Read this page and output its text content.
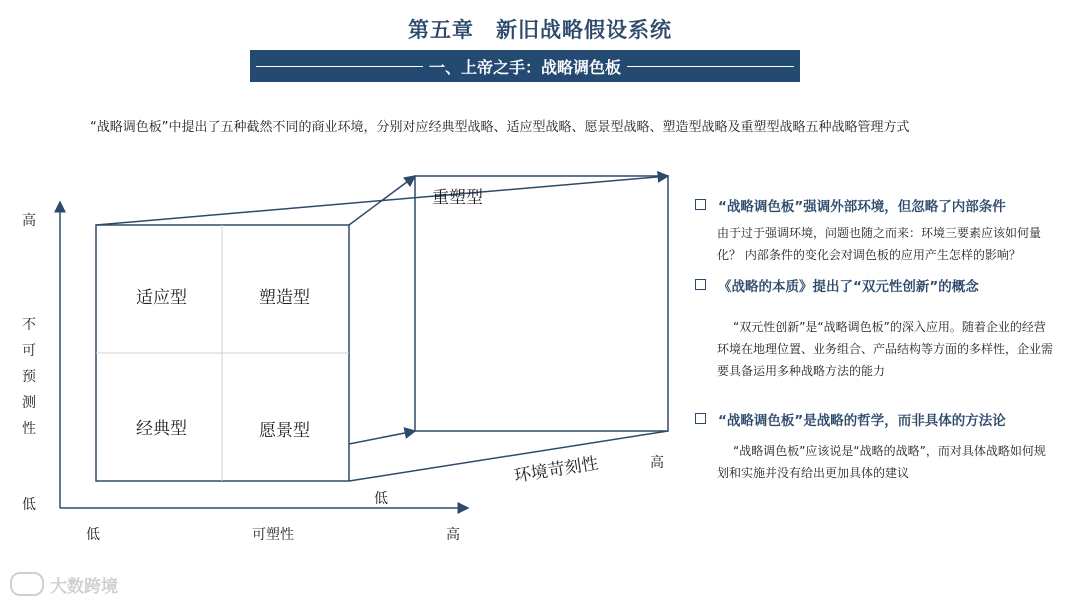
第五章　新旧战略假设系统
一、上帝之手：战略调色板
“战略调色板”中提出了五种截然不同的商业环境，分别对应经典型战略、适应型战略、愿景型战略、塑造型战略及重塑型战略五种战略管理方式
适应型	塑造型
经典型	愿景型
重塑型
高
不可预测性
低
低	可塑性	高
低
环境苛刻性	高
“战略调色板”强调外部环境，但忽略了内部条件
由于过于强调环境，问题也随之而来：环境三要素应该如何量化？ 内部条件的变化会对调色板的应用产生怎样的影响？
《战略的本质》提出了“双元性创新”的概念
“双元性创新”是“战略调色板”的深入应用。随着企业的经营环境在地理位置、业务组合、产品结构等方面的多样性，企业需要具备运用多种战略方法的能力
“战略调色板”是战略的哲学，而非具体的方法论
“战略调色板”应该说是“战略的战略”，而对具体战略如何规划和实施并没有给出更加具体的建议
大数跨境
